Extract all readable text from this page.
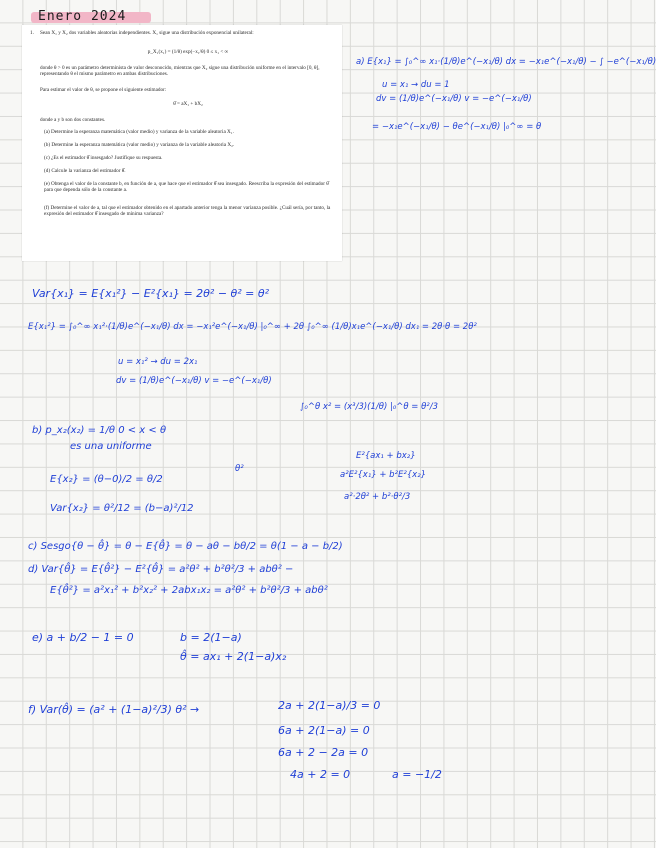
Enero 2024
1. Sean X₁ y X₂ dos variables aleatorias independientes. X₁ sigue una distribución exponencial unilateral:

p_X₁(x₁) = (1/θ) exp(−x₁/θ) 0 ≤ x₁ < ∞

donde θ > 0 es un parámetro determinista de valor desconocido, mientras que X₂ sigue una distribución uniforme en el intervalo [0, θ], representando θ el mismo parámetro en ambas distribuciones.

Para estimar el valor de θ, se propone el siguiente estimador:

θ̂ = aX₁ + bX₂

donde a y b son dos constantes.

(a) Determine la esperanza matemática (valor medio) y varianza de la variable aleatoria X₁.

(b) Determine la esperanza matemática (valor medio) y varianza de la variable aleatoria X₂.

(c) ¿Es el estimador θ̂ insesgado? Justifique su respuesta.

(d) Calcule la varianza del estimador θ̂.

(e) Obtenga el valor de la constante b, en función de a, que hace que el estimador θ̂ sea insesgado. Reescriba la expresión del estimador θ̂ para que dependa sólo de la constante a.

(f) Determine el valor de a, tal que el estimador obtenido en el apartado anterior tenga la menor varianza posible. ¿Cuál sería, por tanto, la expresión del estimador θ̂ insesgado de mínima varianza?

a) E{x₁} = ∫₀^∞ x₁·(1/θ)e^(−x₁/θ) dx = −x₁e^(−x₁/θ) − ∫ −e^(−x₁/θ)
u = x₁ → du = 1
dv = (1/θ)e^(−x₁/θ) v = −e^(−x₁/θ)
= −x₁e^(−x₁/θ) − θe^(−x₁/θ) |₀^∞ = θ
Var{x₁} = E{x₁²} − E²{x₁} = 2θ² − θ² = θ²
E{x₁²} = ∫₀^∞ x₁²·(1/θ)e^(−x₁/θ) dx = −x₁²e^(−x₁/θ) |₀^∞ + 2θ ∫₀^∞ (1/θ)x₁e^(−x₁/θ) dx₁ = 2θ·θ = 2θ²
u = x₁² → du = 2x₁
dv = (1/θ)e^(−x₁/θ) v = −e^(−x₁/θ)
∫₀^θ x² = (x³/3)(1/θ) |₀^θ = θ²/3
b) p_x₂(x₂) = 1/θ 0 < x < θ
es una uniforme
E{x₂} = (θ−0)/2 = θ/2
θ²
Var{x₂} = θ²/12 = (b−a)²/12
E²{ax₁ + bx₂}
a²E²{x₁} + b²E²{x₂}
a²·2θ² + b²·θ²/3
c) Sesgo{θ − θ̂} = θ − E{θ̂} = θ − aθ − bθ/2 = θ(1 − a − b/2)
d) Var{θ̂} = E{θ̂²} − E²{θ̂} = a²θ² + b²θ²/3 + abθ² −
E{θ̂²} = a²x₁² + b²x₂² + 2abx₁x₂ = a²θ² + b²θ²/3 + abθ²
e) a + b/2 − 1 = 0	b = 2(1−a)
θ̂ = ax₁ + 2(1−a)x₂
f) Var(θ̂) = (a² + (1−a)²/3) θ² →	2a + 2(1−a)/3 = 0
6a + 2(1−a) = 0
6a + 2 − 2a = 0
4a + 2 = 0	a = −1/2
